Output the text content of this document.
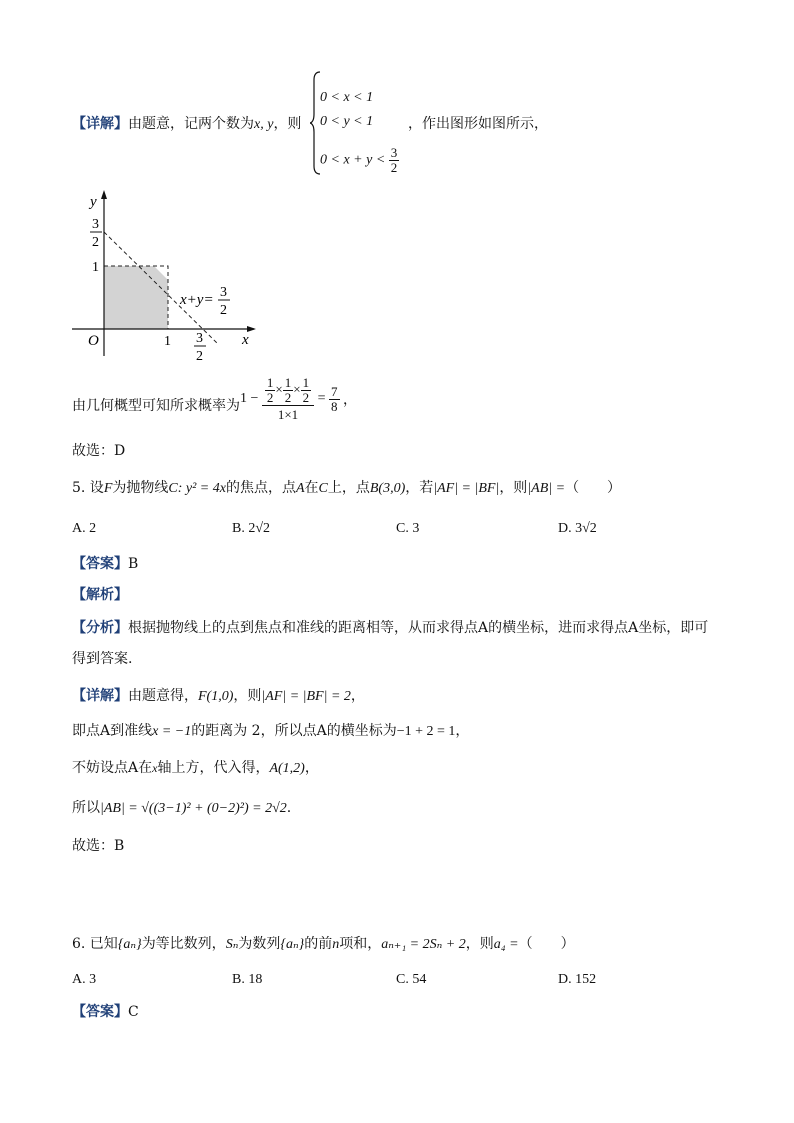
【详解】由题意，记两个数为x, y，则
0 < x < 1
0 < y < 1
$0 < x + y < \frac{3}{2}$
，作出图形如图所示，
y
x
O
3
2
1
1 3
2
x+y= 3
2
由几何概型可知所求概率为 $1 - \frac{\frac{1}{2} \times \frac{1}{2} \times \frac{1}{2}}{1\times 1} = \frac{7}{8}$ ，
故选：D
5. 设F为抛物线C: y² = 4x的焦点，点A在C上，点B(3,0)，若|AF| = |BF|，则|AB| =（　　）
A. 2	B. 2√2	C. 3	D. 3√2
【答案】B
【解析】
【分析】根据抛物线上的点到焦点和准线的距离相等，从而求得点A的横坐标，进而求得点A坐标，即可
得到答案.
【详解】由题意得，F(1,0)，则|AF| = |BF| = 2，
即点A到准线x = −1的距离为 2，所以点A的横坐标为−1 + 2 = 1，
不妨设点A在x轴上方，代入得，A(1,2)，
所以|AB| = √((3−1)² + (0−2)²) = 2√2.
故选：B
6. 已知{aₙ}为等比数列，Sₙ为数列{aₙ}的前n项和，aₙ₊₁ = 2Sₙ + 2，则a₄ =（　　）
A. 3	B. 18	C. 54	D. 152
【答案】C
